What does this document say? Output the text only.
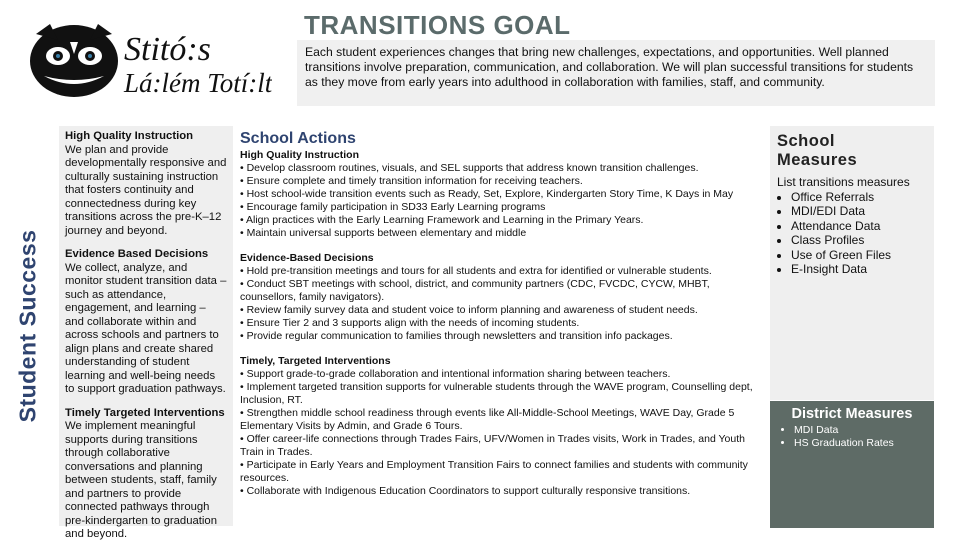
Stitó:s
Lá:lém Totí:lt
TRANSITIONS GOAL
Each student experiences changes that bring new challenges, expectations, and opportunities. Well planned transitions involve preparation, communication, and collaboration. We will plan successful transitions for students as they move from early years into adulthood in collaboration with families, staff, and community.
Student Success
High Quality Instruction

We plan and provide developmentally responsive and culturally sustaining instruction that fosters continuity and connectedness during key transitions across the pre-K–12 journey and beyond.

Evidence Based Decisions

We collect, analyze, and monitor student transition data – such as attendance, engagement, and learning – and collaborate within and across schools and partners to align plans and create shared understanding of student learning and well-being needs to support graduation pathways.

Timely Targeted Interventions

We implement meaningful supports during transitions through collaborative conversations and planning between students, staff, family and partners to provide connected pathways through pre-kindergarten to graduation and beyond.

School Actions
High Quality Instruction
• Develop classroom routines, visuals, and SEL supports that address known transition challenges.
• Ensure complete and timely transition information for receiving teachers.
• Host school-wide transition events such as Ready, Set, Explore, Kindergarten Story Time, K Days in May
• Encourage family participation in SD33 Early Learning programs
• Align practices with the Early Learning Framework and Learning in the Primary Years.
• Maintain universal supports between elementary and middle
Evidence-Based Decisions
• Hold pre-transition meetings and tours for all students and extra for identified or vulnerable students.
• Conduct SBT meetings with school, district, and community partners (CDC, FVCDC, CYCW, MHBT, counsellors, family navigators).
• Review family survey data and student voice to inform planning and awareness of student needs.
• Ensure Tier 2 and 3 supports align with the needs of incoming students.
• Provide regular communication to families through newsletters and transition info packages.
Timely, Targeted Interventions
• Support grade-to-grade collaboration and intentional information sharing between teachers.
• Implement targeted transition supports for vulnerable students through the WAVE program, Counselling dept, Inclusion, RT.
• Strengthen middle school readiness through events like All-Middle-School Meetings, WAVE Day, Grade 5 Elementary Visits by Admin, and Grade 6 Tours.
• Offer career-life connections through Trades Fairs, UFV/Women in Trades visits, Work in Trades, and Youth Train in Trades.
• Participate in Early Years and Employment Transition Fairs to connect families and students with community resources.
• Collaborate with Indigenous Education Coordinators to support culturally responsive transitions.
School
Measures
List transitions measures
• Office Referrals
• MDI/EDI Data
• Attendance Data
• Class Profiles
• Use of Green Files
• E-Insight Data
District Measures
• MDI Data
• HS Graduation Rates
